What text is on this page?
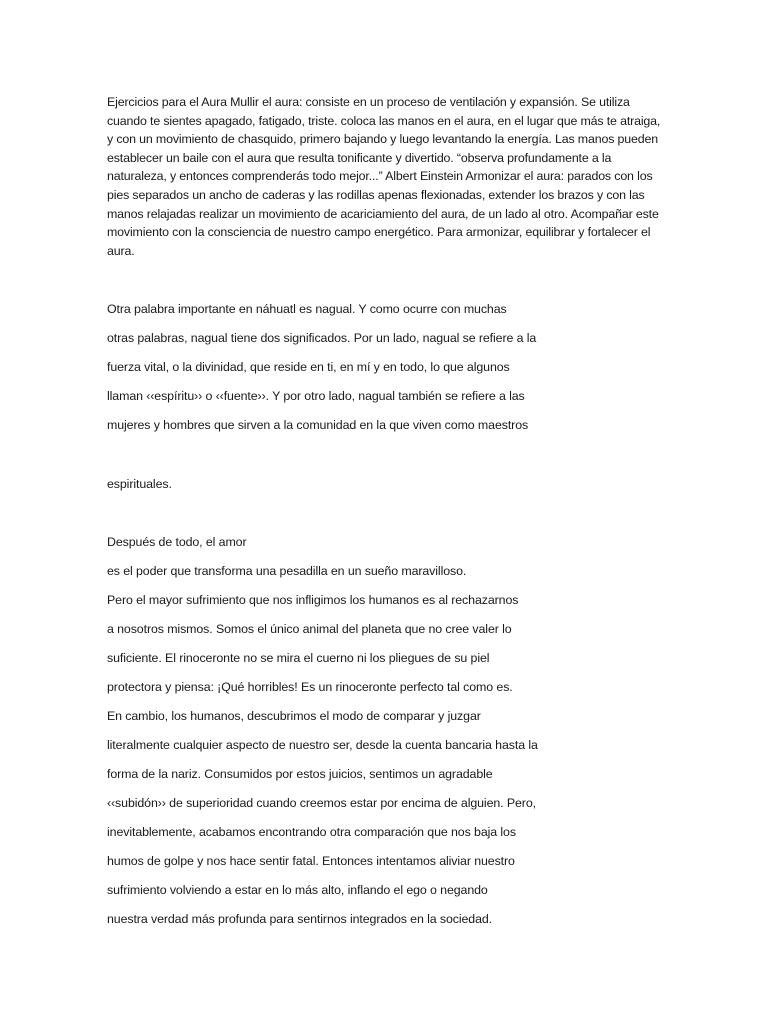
Ejercicios para el Aura Mullir el aura: consiste en un proceso de ventilación y expansión. Se utiliza cuando te sientes apagado, fatigado, triste. coloca las manos en el aura, en el lugar que más te atraiga, y con un movimiento de chasquido, primero bajando y luego levantando la energía. Las manos pueden establecer un baile con el aura que resulta tonificante y divertido. “observa profundamente a la naturaleza, y entonces comprenderás todo mejor...” Albert Einstein Armonizar el aura: parados con los pies separados un ancho de caderas y las rodillas apenas flexionadas, extender los brazos y con las manos relajadas realizar un movimiento de acariciamiento del aura, de un lado al otro. Acompañar este movimiento con la consciencia de nuestro campo energético. Para armonizar, equilibrar y fortalecer el aura.

Otra palabra importante en náhuatl es nagual. Y como ocurre con muchas

otras palabras, nagual tiene dos significados. Por un lado, nagual se refiere a la

fuerza vital, o la divinidad, que reside en ti, en mí y en todo, lo que algunos

llaman ‹‹espíritu›› o ‹‹fuente››. Y por otro lado, nagual también se refiere a las

mujeres y hombres que sirven a la comunidad en la que viven como maestros

espirituales.

Después de todo, el amor

es el poder que transforma una pesadilla en un sueño maravilloso.

Pero el mayor sufrimiento que nos infligimos los humanos es al rechazarnos

a nosotros mismos. Somos el único animal del planeta que no cree valer lo

suficiente. El rinoceronte no se mira el cuerno ni los pliegues de su piel

protectora y piensa: ¡Qué horribles! Es un rinoceronte perfecto tal como es.

En cambio, los humanos, descubrimos el modo de comparar y juzgar

literalmente cualquier aspecto de nuestro ser, desde la cuenta bancaria hasta la

forma de la nariz. Consumidos por estos juicios, sentimos un agradable

‹‹subidón›› de superioridad cuando creemos estar por encima de alguien. Pero,

inevitablemente, acabamos encontrando otra comparación que nos baja los

humos de golpe y nos hace sentir fatal. Entonces intentamos aliviar nuestro

sufrimiento volviendo a estar en lo más alto, inflando el ego o negando

nuestra verdad más profunda para sentirnos integrados en la sociedad.
